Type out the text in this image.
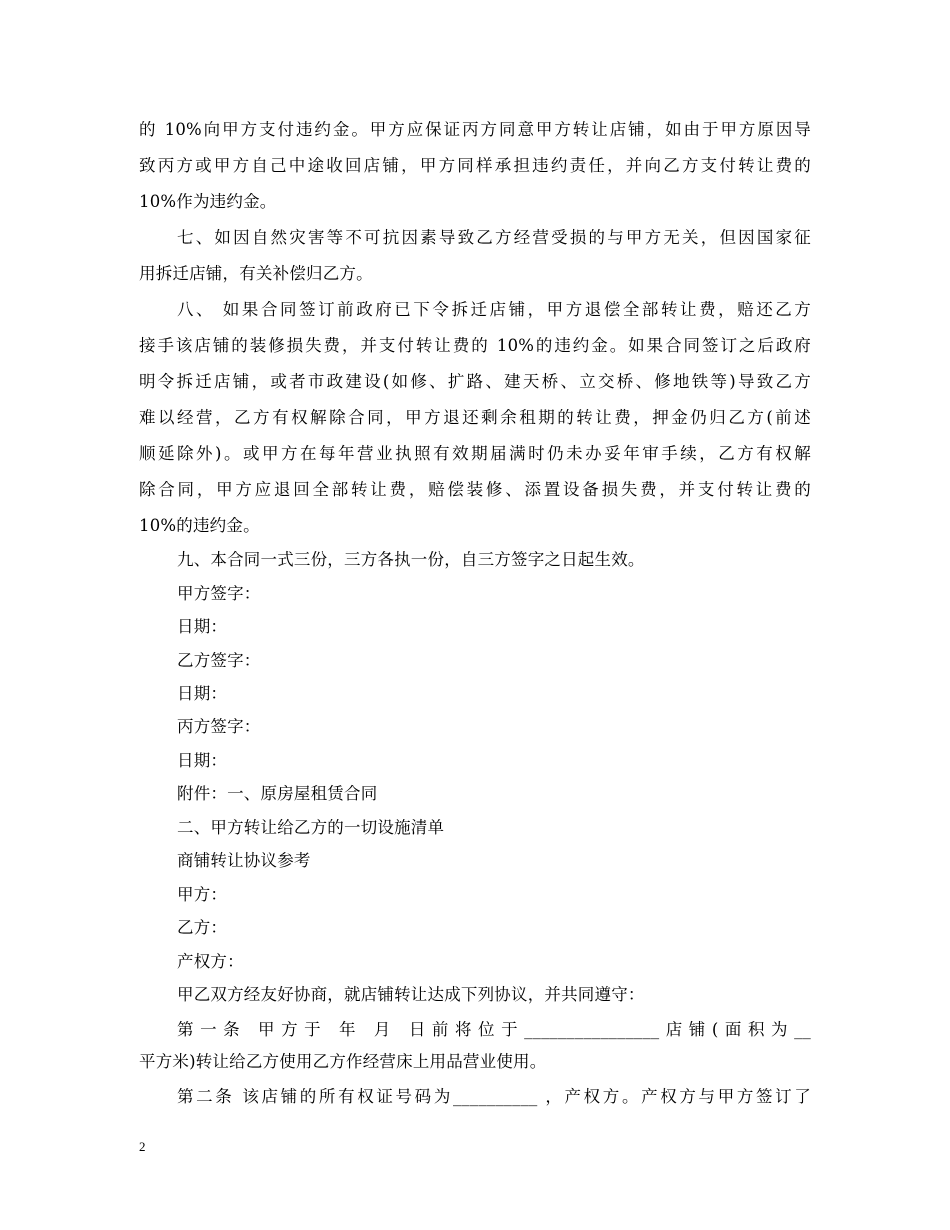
的 10%向甲方支付违约金。甲方应保证丙方同意甲方转让店铺，如由于甲方原因导
致丙方或甲方自己中途收回店铺，甲方同样承担违约责任，并向乙方支付转让费的
10%作为违约金。
七、如因自然灾害等不可抗因素导致乙方经营受损的与甲方无关，但因国家征
用拆迁店铺，有关补偿归乙方。
八、 如果合同签订前政府已下令拆迁店铺，甲方退偿全部转让费，赔还乙方
接手该店铺的装修损失费，并支付转让费的 10%的违约金。如果合同签订之后政府
明令拆迁店铺，或者市政建设(如修、扩路、建天桥、立交桥、修地铁等)导致乙方
难以经营，乙方有权解除合同，甲方退还剩余租期的转让费，押金仍归乙方(前述
顺延除外)。或甲方在每年营业执照有效期届满时仍未办妥年审手续，乙方有权解
除合同，甲方应退回全部转让费，赔偿装修、添置设备损失费，并支付转让费的
10%的违约金。
九、本合同一式三份，三方各执一份，自三方签字之日起生效。
甲方签字：
日期：
乙方签字：
日期：
丙方签字：
日期：
附件：一、原房屋租赁合同
二、甲方转让给乙方的一切设施清单
商铺转让协议参考
甲方：
乙方：
产权方：
甲乙双方经友好协商，就店铺转让达成下列协议，并共同遵守：
第一条 甲方于 年 月 日前将位于________________店铺(面积为__
平方米)转让给乙方使用乙方作经营床上用品营业使用。
第二条 该店铺的所有权证号码为__________ ，产权方。产权方与甲方签订了
2
